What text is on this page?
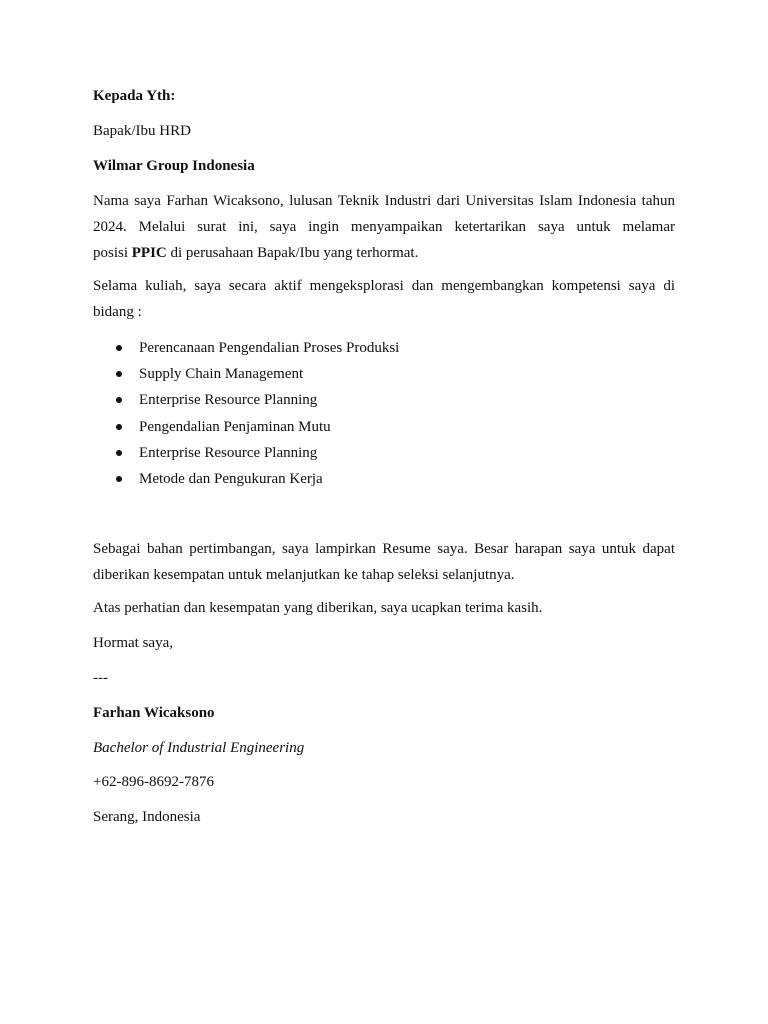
Kepada Yth:
Bapak/Ibu HRD
Wilmar Group Indonesia
Nama saya Farhan Wicaksono, lulusan Teknik Industri dari Universitas Islam Indonesia tahun
2024. Melalui surat ini, saya ingin menyampaikan ketertarikan saya untuk melamar
posisi PPIC di perusahaan Bapak/Ibu yang terhormat.
Selama kuliah, saya secara aktif mengeksplorasi dan mengembangkan kompetensi saya di
bidang :
Perencanaan Pengendalian Proses Produksi
Supply Chain Management
Enterprise Resource Planning
Pengendalian Penjaminan Mutu
Enterprise Resource Planning
Metode dan Pengukuran Kerja
Sebagai bahan pertimbangan, saya lampirkan Resume saya. Besar harapan saya untuk dapat
diberikan kesempatan untuk melanjutkan ke tahap seleksi selanjutnya.
Atas perhatian dan kesempatan yang diberikan, saya ucapkan terima kasih.
Hormat saya,
---
Farhan Wicaksono
Bachelor of Industrial Engineering
+62-896-8692-7876
Serang, Indonesia
